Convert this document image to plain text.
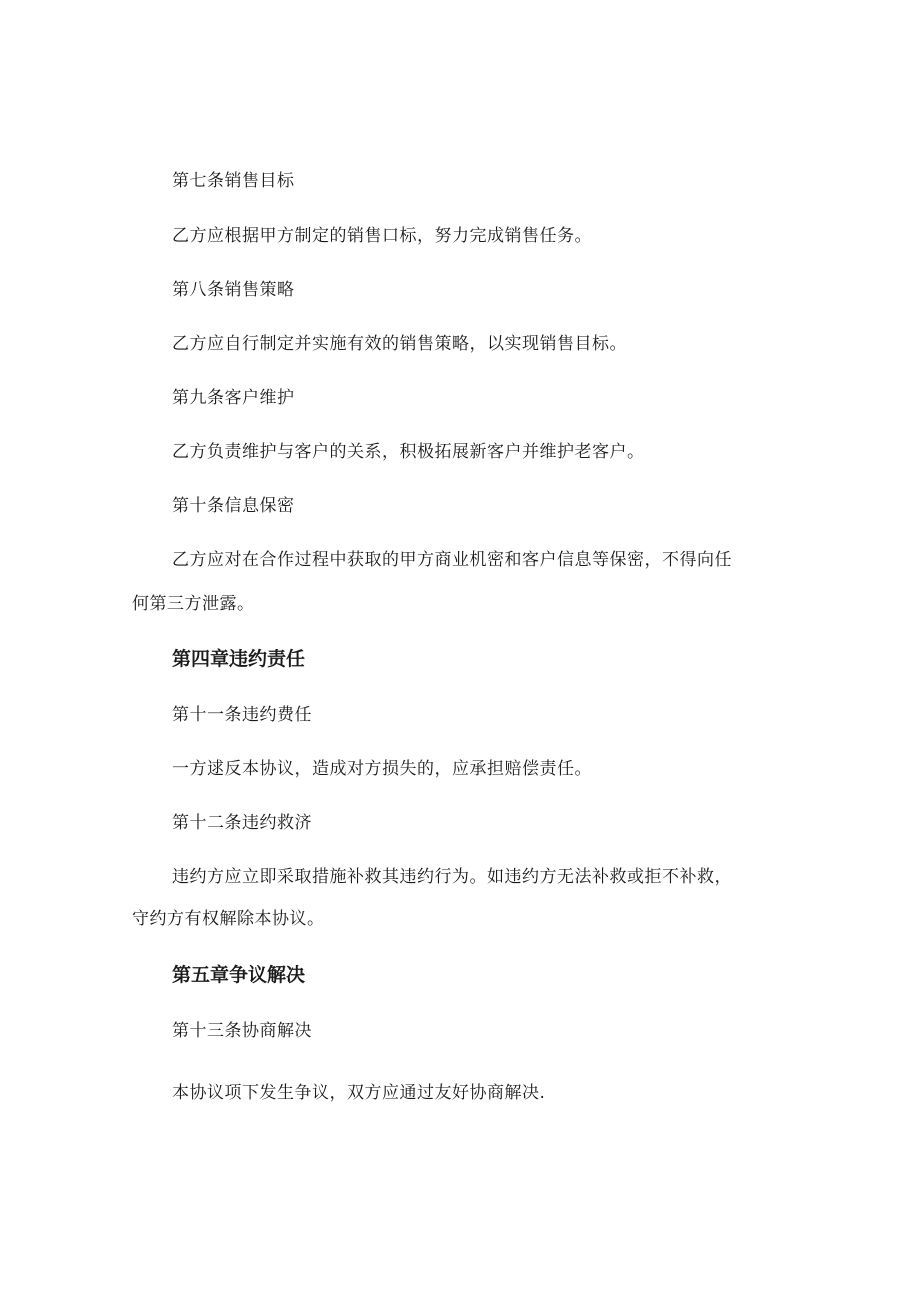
第七条销售目标
乙方应根据甲方制定的销售口标，努力完成销售任务。
第八条销售策略
乙方应自行制定并实施有效的销售策略，以实现销售目标。
第九条客户维护
乙方负责维护与客户的关系，积极拓展新客户并维护老客户。
第十条信息保密
乙方应对在合作过程中获取的甲方商业机密和客户信息等保密，不得向任
何第三方泄露。
第四章违约责任
第十一条违约费任
一方逑反本协议，造成对方损失的，应承担赔偿责任。
第十二条违约救济
违约方应立即采取措施补救其违约行为。如违约方无法补救或拒不补救，
守约方有权解除本协议。
第五章争议解决
第十三条协商解决
本协议项下发生争议，双方应通过友好协商解决.
